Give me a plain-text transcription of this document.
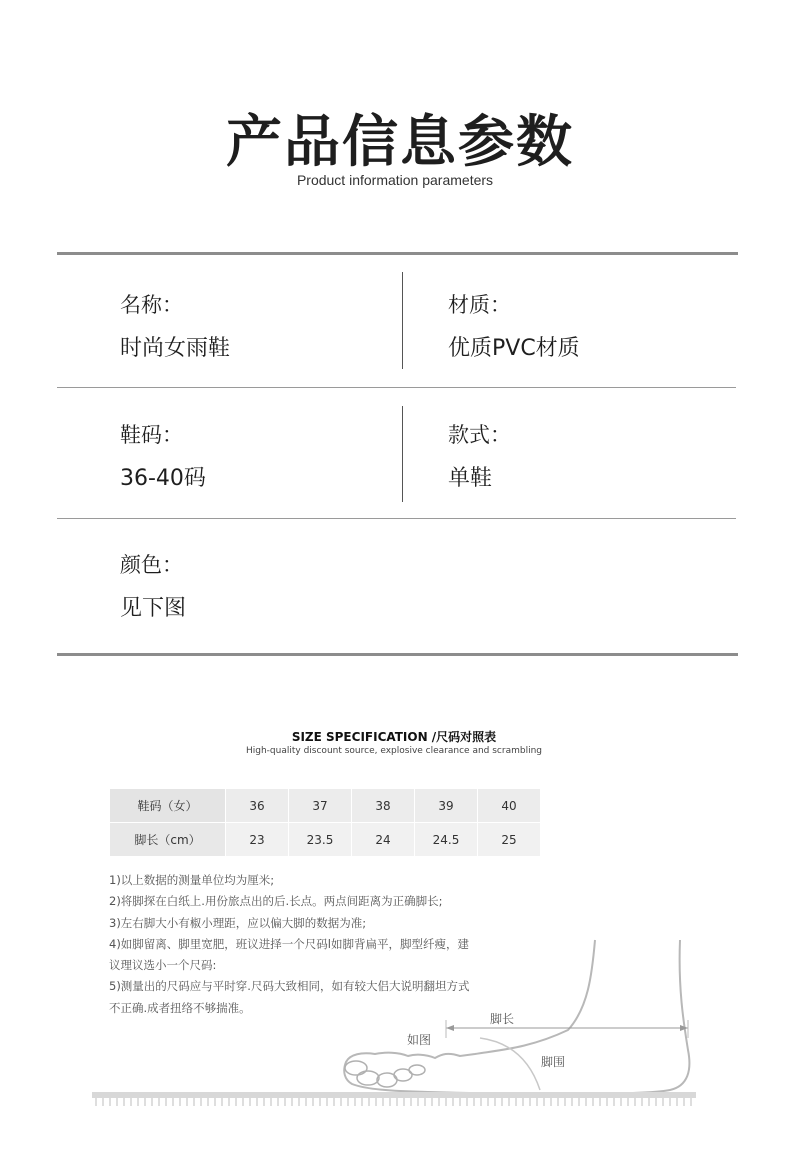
产品信息参数
Product information parameters
名称：
时尚女雨鞋
材质：
优质PVC材质
鞋码：
36-40码
款式：
单鞋
颜色：
见下图
SIZE SPECIFICATION /尺码对照表
High-quality discount source, explosive clearance and scrambling
鞋码（女）	36	37	38	39	40
脚长（cm）	23	23.5	24	24.5	25
1)以上数据的测量单位均为厘米;
2)将脚探在白纸上.用份旅点出的后.长点。两点间距离为正确脚长;
3)左右脚大小有椒小理距，应以偏大脚的数据为准;
4)如脚留离、脚里宽肥，班议进择一个尺码l如脚背扁平，脚型纤瘦，建
议理议选小一个尺码:
5)测量出的尺码应与平时穿.尺码大致相同，如有较大侣大说明翻坦方式
不正确.成者扭络不够揣准。
脚长
脚围
如图
